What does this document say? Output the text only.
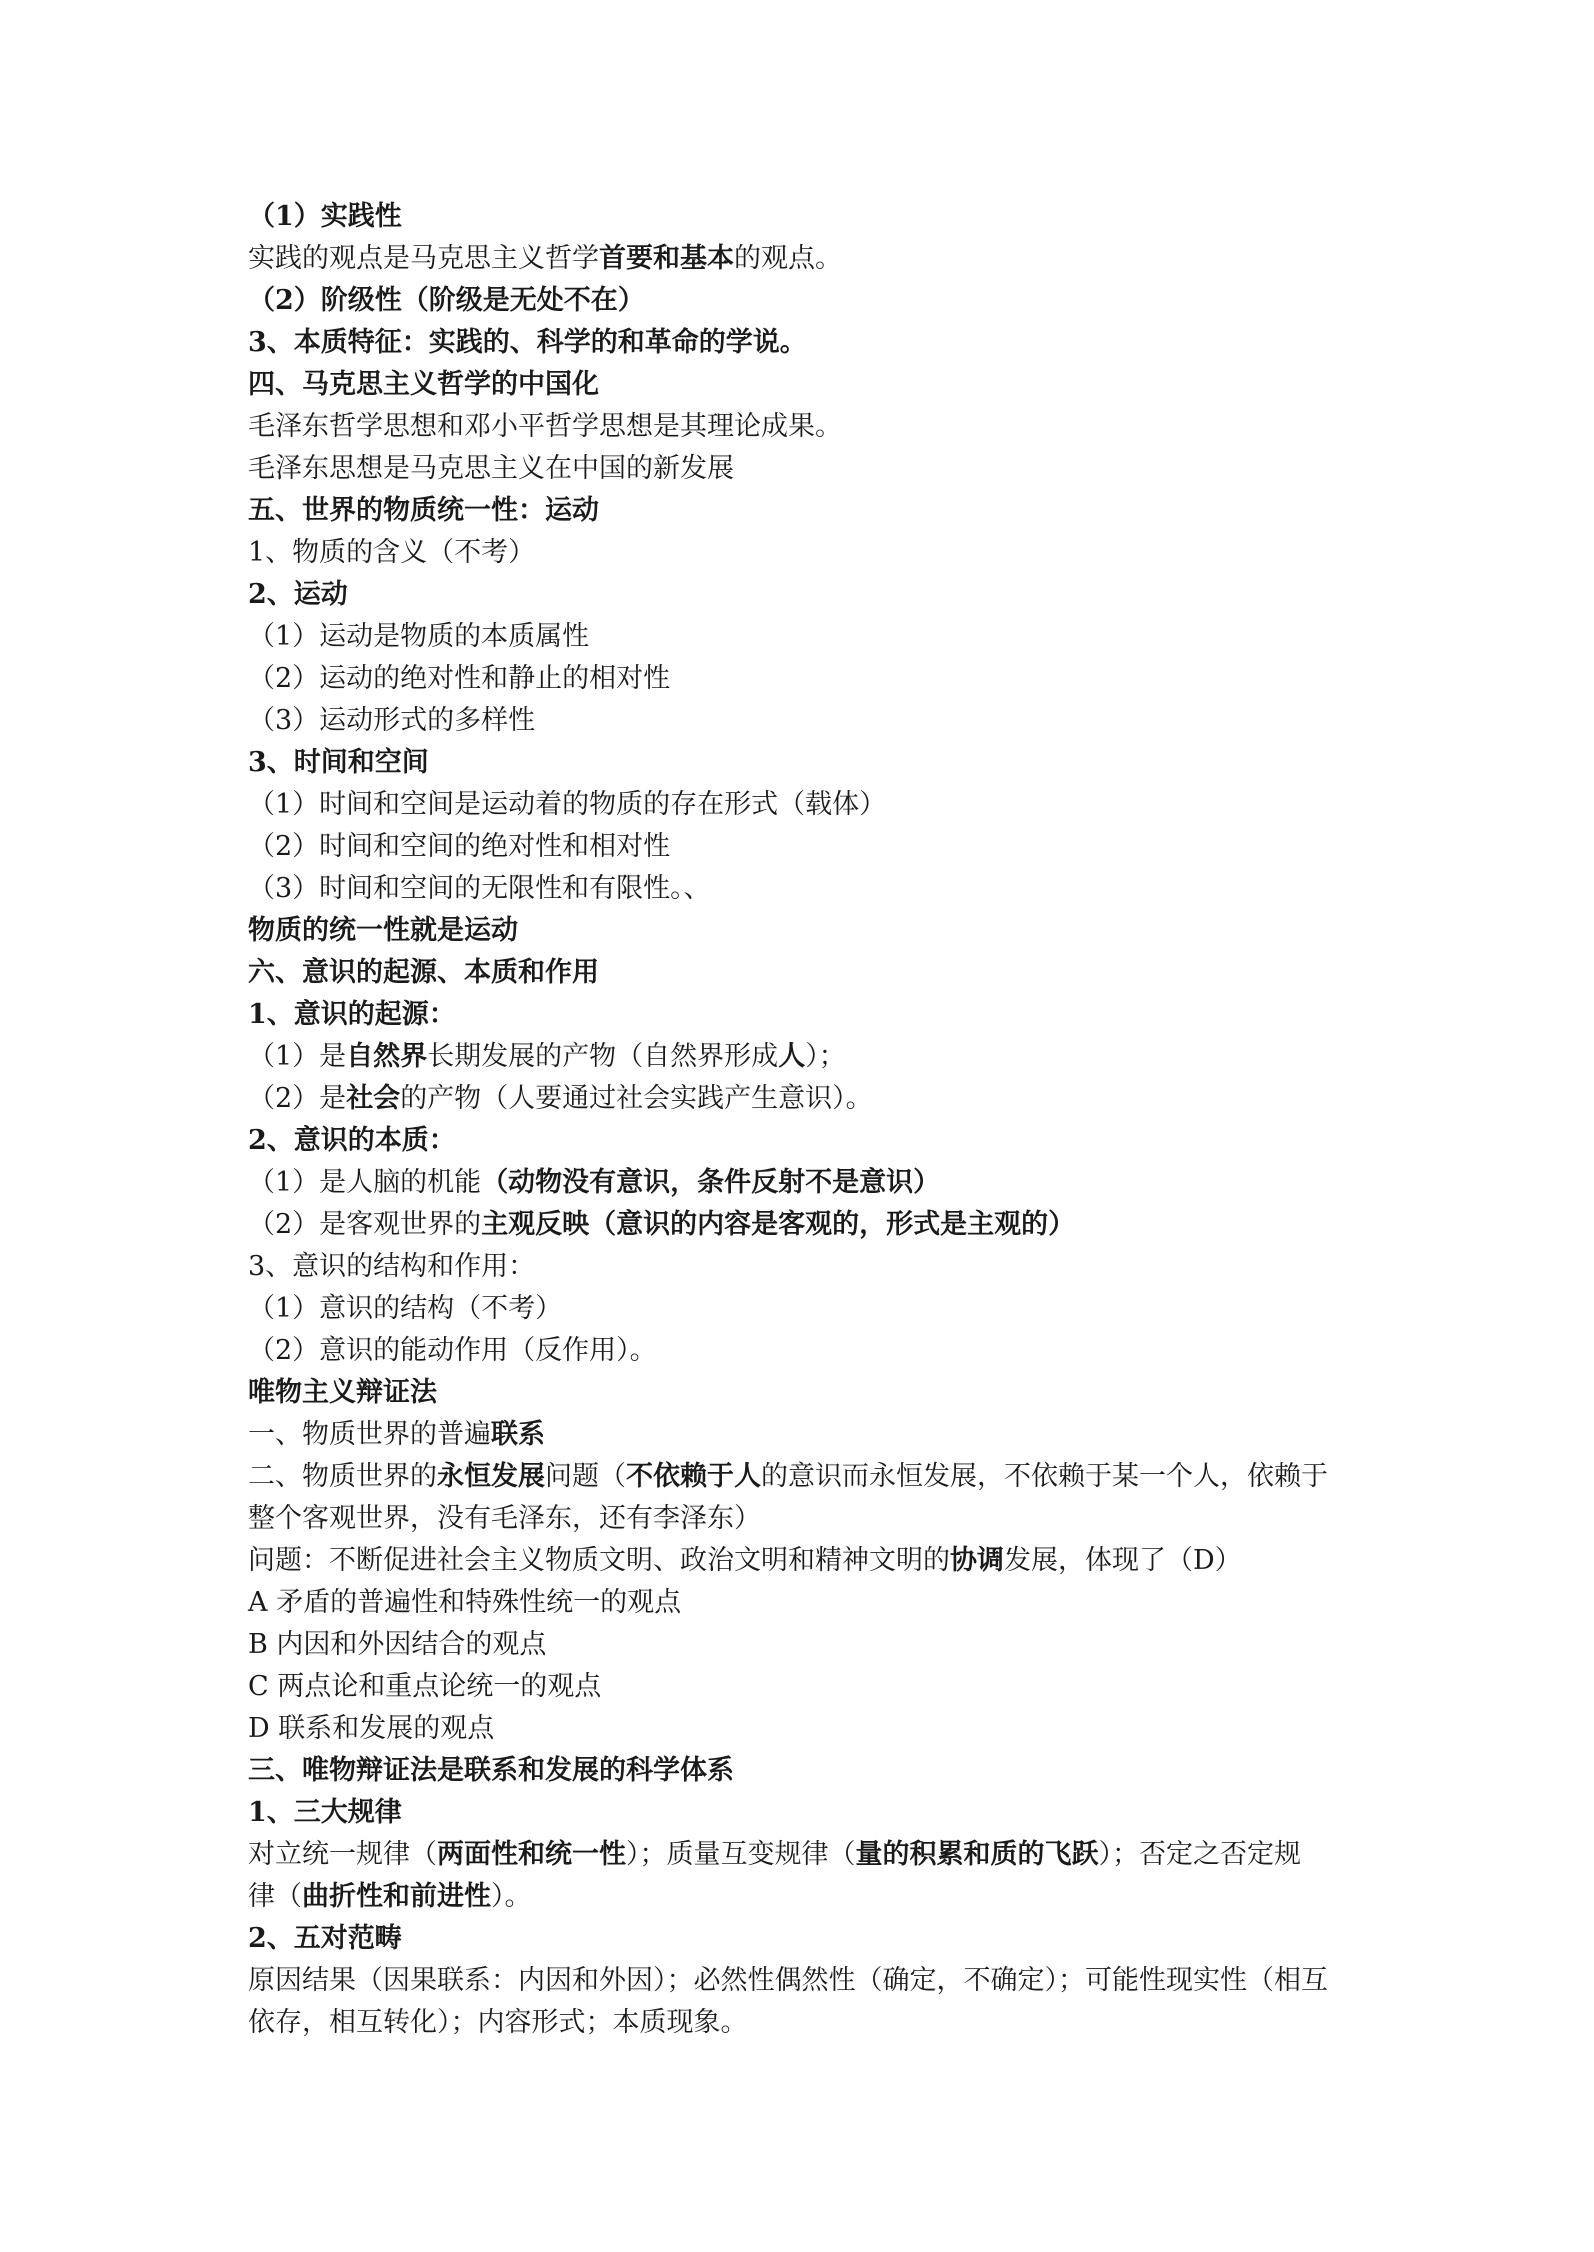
（1）实践性
实践的观点是马克思主义哲学首要和基本的观点。
（2）阶级性（阶级是无处不在）
3、本质特征：实践的、科学的和革命的学说。
四、马克思主义哲学的中国化
毛泽东哲学思想和邓小平哲学思想是其理论成果。
毛泽东思想是马克思主义在中国的新发展
五、世界的物质统一性：运动
1、物质的含义（不考）
2、运动
（1）运动是物质的本质属性
（2）运动的绝对性和静止的相对性
（3）运动形式的多样性
3、时间和空间
（1）时间和空间是运动着的物质的存在形式（载体）
（2）时间和空间的绝对性和相对性
（3）时间和空间的无限性和有限性。、
物质的统一性就是运动
六、意识的起源、本质和作用
1、意识的起源：
（1）是自然界长期发展的产物（自然界形成人）；
（2）是社会的产物（人要通过社会实践产生意识）。
2、意识的本质：
（1）是人脑的机能（动物没有意识，条件反射不是意识）
（2）是客观世界的主观反映（意识的内容是客观的，形式是主观的）
3、意识的结构和作用：
（1）意识的结构（不考）
（2）意识的能动作用（反作用）。
唯物主义辩证法
一、物质世界的普遍联系
二、物质世界的永恒发展问题（不依赖于人的意识而永恒发展，不依赖于某一个人，依赖于
整个客观世界，没有毛泽东，还有李泽东）
问题：不断促进社会主义物质文明、政治文明和精神文明的协调发展，体现了（D）
A 矛盾的普遍性和特殊性统一的观点
B 内因和外因结合的观点
C 两点论和重点论统一的观点
D 联系和发展的观点
三、唯物辩证法是联系和发展的科学体系
1、三大规律
对立统一规律（两面性和统一性）；质量互变规律（量的积累和质的飞跃）；否定之否定规
律（曲折性和前进性）。
2、五对范畴
原因结果（因果联系：内因和外因）；必然性偶然性（确定，不确定）；可能性现实性（相互
依存，相互转化）；内容形式；本质现象。
